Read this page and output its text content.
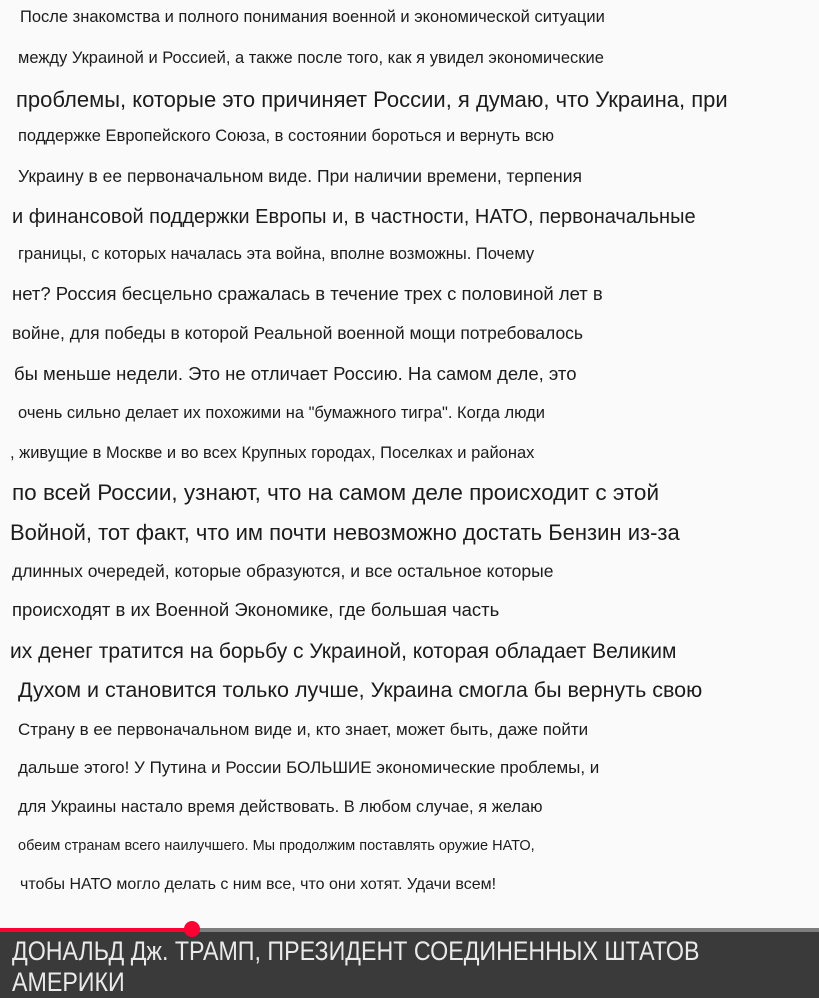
После знакомства и полного понимания военной и экономической ситуации
между Украиной и Россией, а также после того, как я увидел экономические
проблемы, которые это причиняет России, я думаю, что Украина, при
поддержке Европейского Союза, в состоянии бороться и вернуть всю
Украину в ее первоначальном виде. При наличии времени, терпения
и финансовой поддержки Европы и, в частности, НАТО, первоначальные
границы, с которых началась эта война, вполне возможны. Почему
нет? Россия бесцельно сражалась в течение трех с половиной лет в
войне, для победы в которой Реальной военной мощи потребовалось
бы меньше недели. Это не отличает Россию. На самом деле, это
очень сильно делает их похожими на "бумажного тигра". Когда люди
, живущие в Москве и во всех Крупных городах, Поселках и районах
по всей России, узнают, что на самом деле происходит с этой
Войной, тот факт, что им почти невозможно достать Бензин из-за
длинных очередей, которые образуются, и все остальное которые
происходят в их Военной Экономике, где большая часть
их денег тратится на борьбу с Украиной, которая обладает Великим
Духом и становится только лучше, Украина смогла бы вернуть свою
Страну в ее первоначальном виде и, кто знает, может быть, даже пойти
дальше этого! У Путина и России БОЛЬШИЕ экономические проблемы, и
для Украины настало время действовать. В любом случае, я желаю
обеим странам всего наилучшего. Мы продолжим поставлять оружие НАТО,
чтобы НАТО могло делать с ним все, что они хотят. Удачи всем!
ДОНАЛЬД Дж. ТРАМП, ПРЕЗИДЕНТ СОЕДИНЕННЫХ ШТАТОВ АМЕРИКИ
